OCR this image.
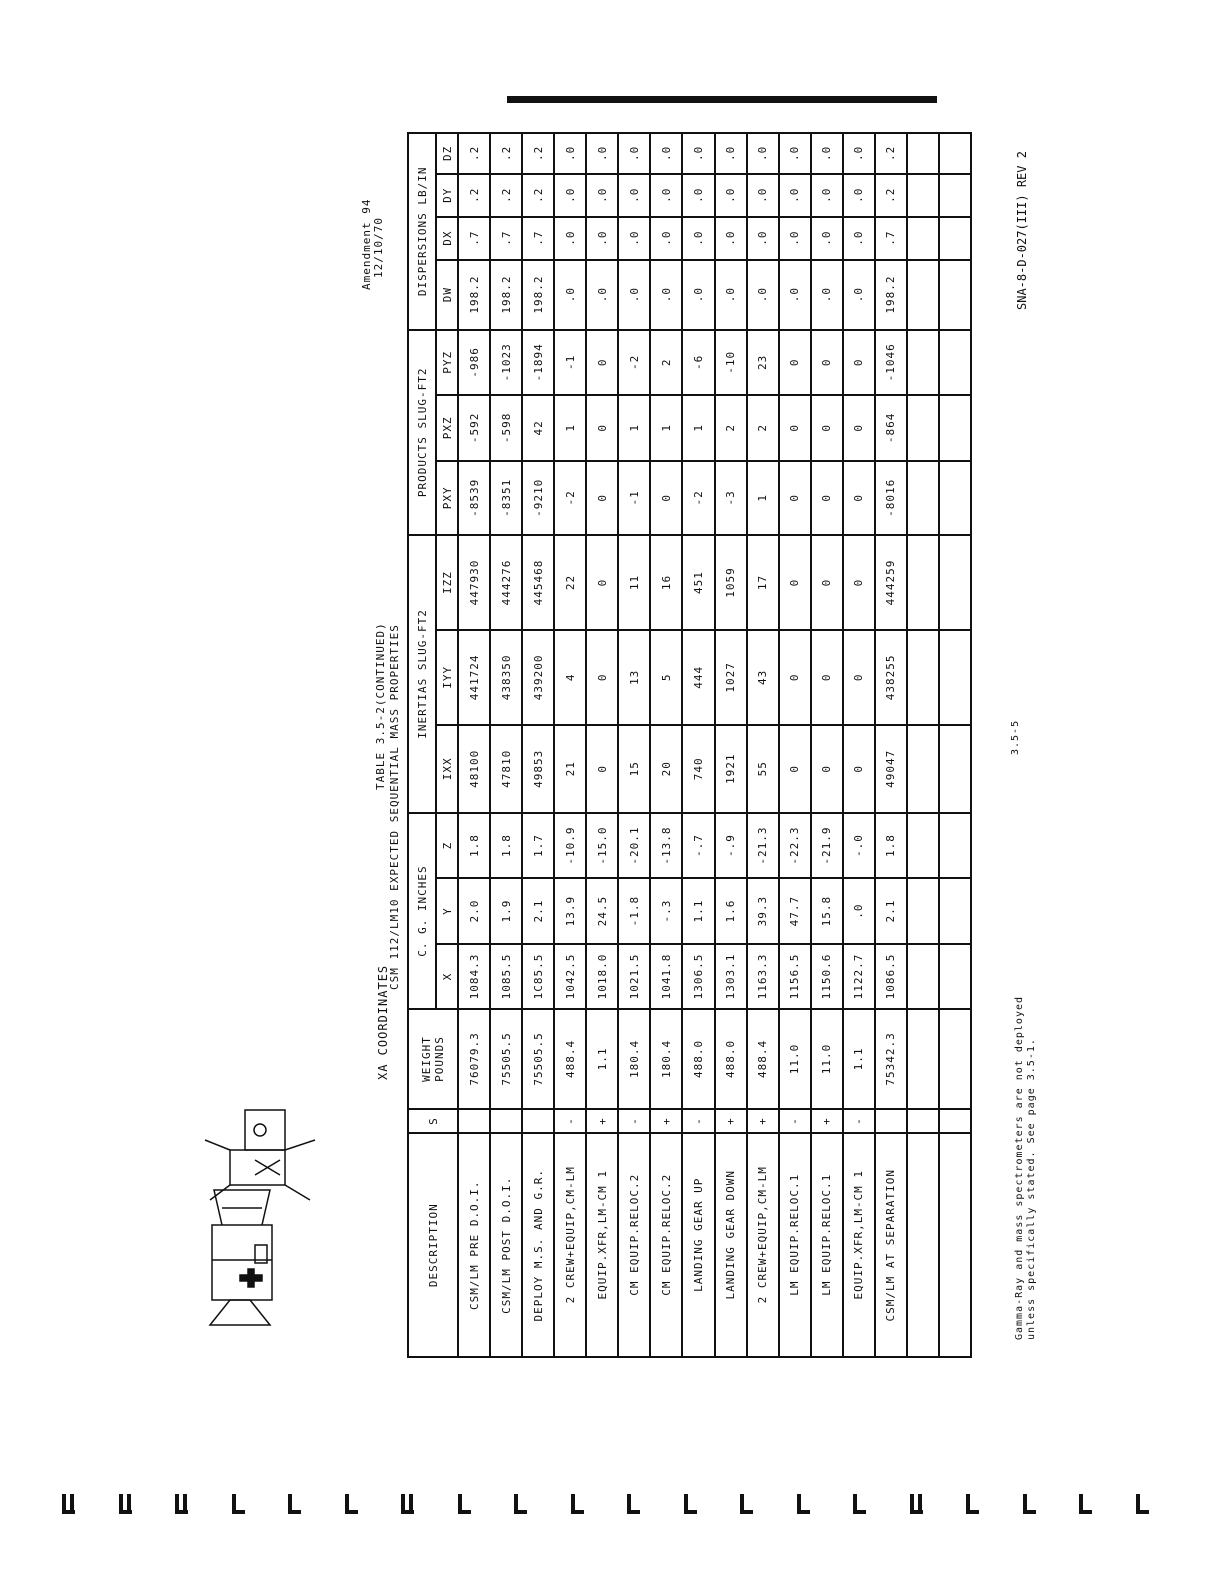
Amendment 94 12/10/70
XA COORDINATES
TABLE 3.5-2(CONTINUED) CSM 112/LM10 EXPECTED SEQUENTIAL MASS PROPERTIES
DESCRIPTION	S	WEIGHT POUNDS	C. G. INCHES			INERTIAS SLUG-FT2			PRODUCTS SLUG-FT2			DISPERSIONS LB/IN			
			X	Y	Z	IXX	IYY	IZZ	PXY	PXZ	PYZ	DW	DX	DY	DZ
CSM/LM PRE D.O.I.		76079.3	1084.3	2.0	1.8	48100	441724	447930	-8539	-592	-986	198.2	.7	.2	.2
CSM/LM POST D.O.I.		75505.5	1085.5	1.9	1.8	47810	438350	444276	-8351	-598	-1023	198.2	.7	.2	.2
DEPLOY M.S. AND G.R.		75505.5	1C85.5	2.1	1.7	49853	439200	445468	-9210	42	-1894	198.2	.7	.2	.2
2 CREW+EQUIP,CM-LM	-	488.4	1042.5	13.9	-10.9	21	4	22	-2	1	-1	.0	.0	.0	.0
EQUIP.XFR,LM-CM 1	+	1.1	1018.0	24.5	-15.0	0	0	0	0	0	0	.0	.0	.0	.0
CM EQUIP.RELOC.2	-	180.4	1021.5	-1.8	-20.1	15	13	11	-1	1	-2	.0	.0	.0	.0
CM EQUIP.RELOC.2	+	180.4	1041.8	-.3	-13.8	20	5	16	0	1	2	.0	.0	.0	.0
LANDING GEAR UP	-	488.0	1306.5	1.1	-.7	740	444	451	-2	1	-6	.0	.0	.0	.0
LANDING GEAR DOWN	+	488.0	1303.1	1.6	-.9	1921	1027	1059	-3	2	-10	.0	.0	.0	.0
2 CREW+EQUIP,CM-LM	+	488.4	1163.3	39.3	-21.3	55	43	17	1	2	23	.0	.0	.0	.0
LM EQUIP.RELOC.1	-	11.0	1156.5	47.7	-22.3	0	0	0	0	0	0	.0	.0	.0	.0
LM EQUIP.RELOC.1	+	11.0	1150.6	15.8	-21.9	0	0	0	0	0	0	.0	.0	.0	.0
EQUIP.XFR,LM-CM 1	-	1.1	1122.7	.0	-.0	0	0	0	0	0	0	.0	.0	.0	.0
CSM/LM AT SEPARATION		75342.3	1086.5	2.1	1.8	49047	438255	444259	-8016	-864	-1046	198.2	.7	.2	.2

Gamma-Ray and mass spectrometers are not deployed unless specifically stated. See page 3.5-1.
3.5-5
SNA-8-D-027(III) REV 2
